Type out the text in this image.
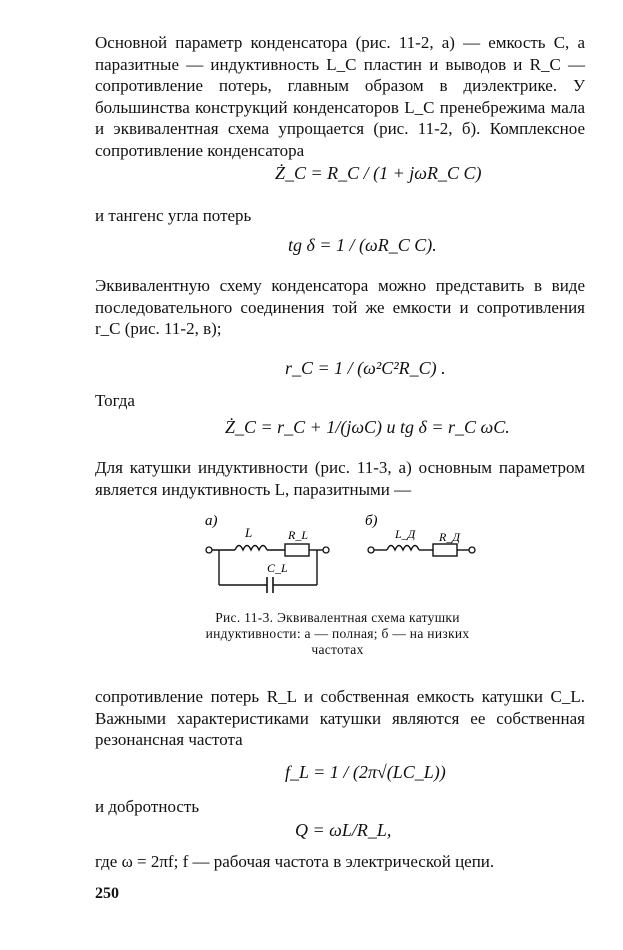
Основной параметр конденсатора (рис. 11-2, а) — емкость C, а паразитные — индуктивность L_C пластин и выводов и R_C — сопротивление потерь, главным образом в диэлектрике. У большинства конструкций конденсаторов L_C пренебрежима мала и эквивалентная схема упрощается (рис. 11-2, б). Комплексное сопротивление конденсатора

Ż_C = R_C / (1 + jωR_C C)

и тангенс угла потерь

tg δ = 1 / (ωR_C C).

Эквивалентную схему конденсатора можно представить в виде последовательного соединения той же емкости и сопротивления r_C (рис. 11-2, в);

r_C = 1 / (ω²C²R_C) .

Тогда

Ż_C = r_C + 1/(jωC) и tg δ = r_C ωC.

Для катушки индуктивности (рис. 11-3, а) основным параметром является индуктивность L, паразитными —

а)
L	R_L
C_L
б)
L_Д R_Д
Рис. 11-3. Эквивалентная схема катушки индуктивности: а — полная; б — на низких частотах

сопротивление потерь R_L и собственная емкость катушки C_L. Важными характеристиками катушки являются ее собственная резонансная частота

f_L = 1 / (2π√(LC_L))

и добротность

Q = ωL/R_L,

где ω = 2πf; f — рабочая частота в электрической цепи.

250
